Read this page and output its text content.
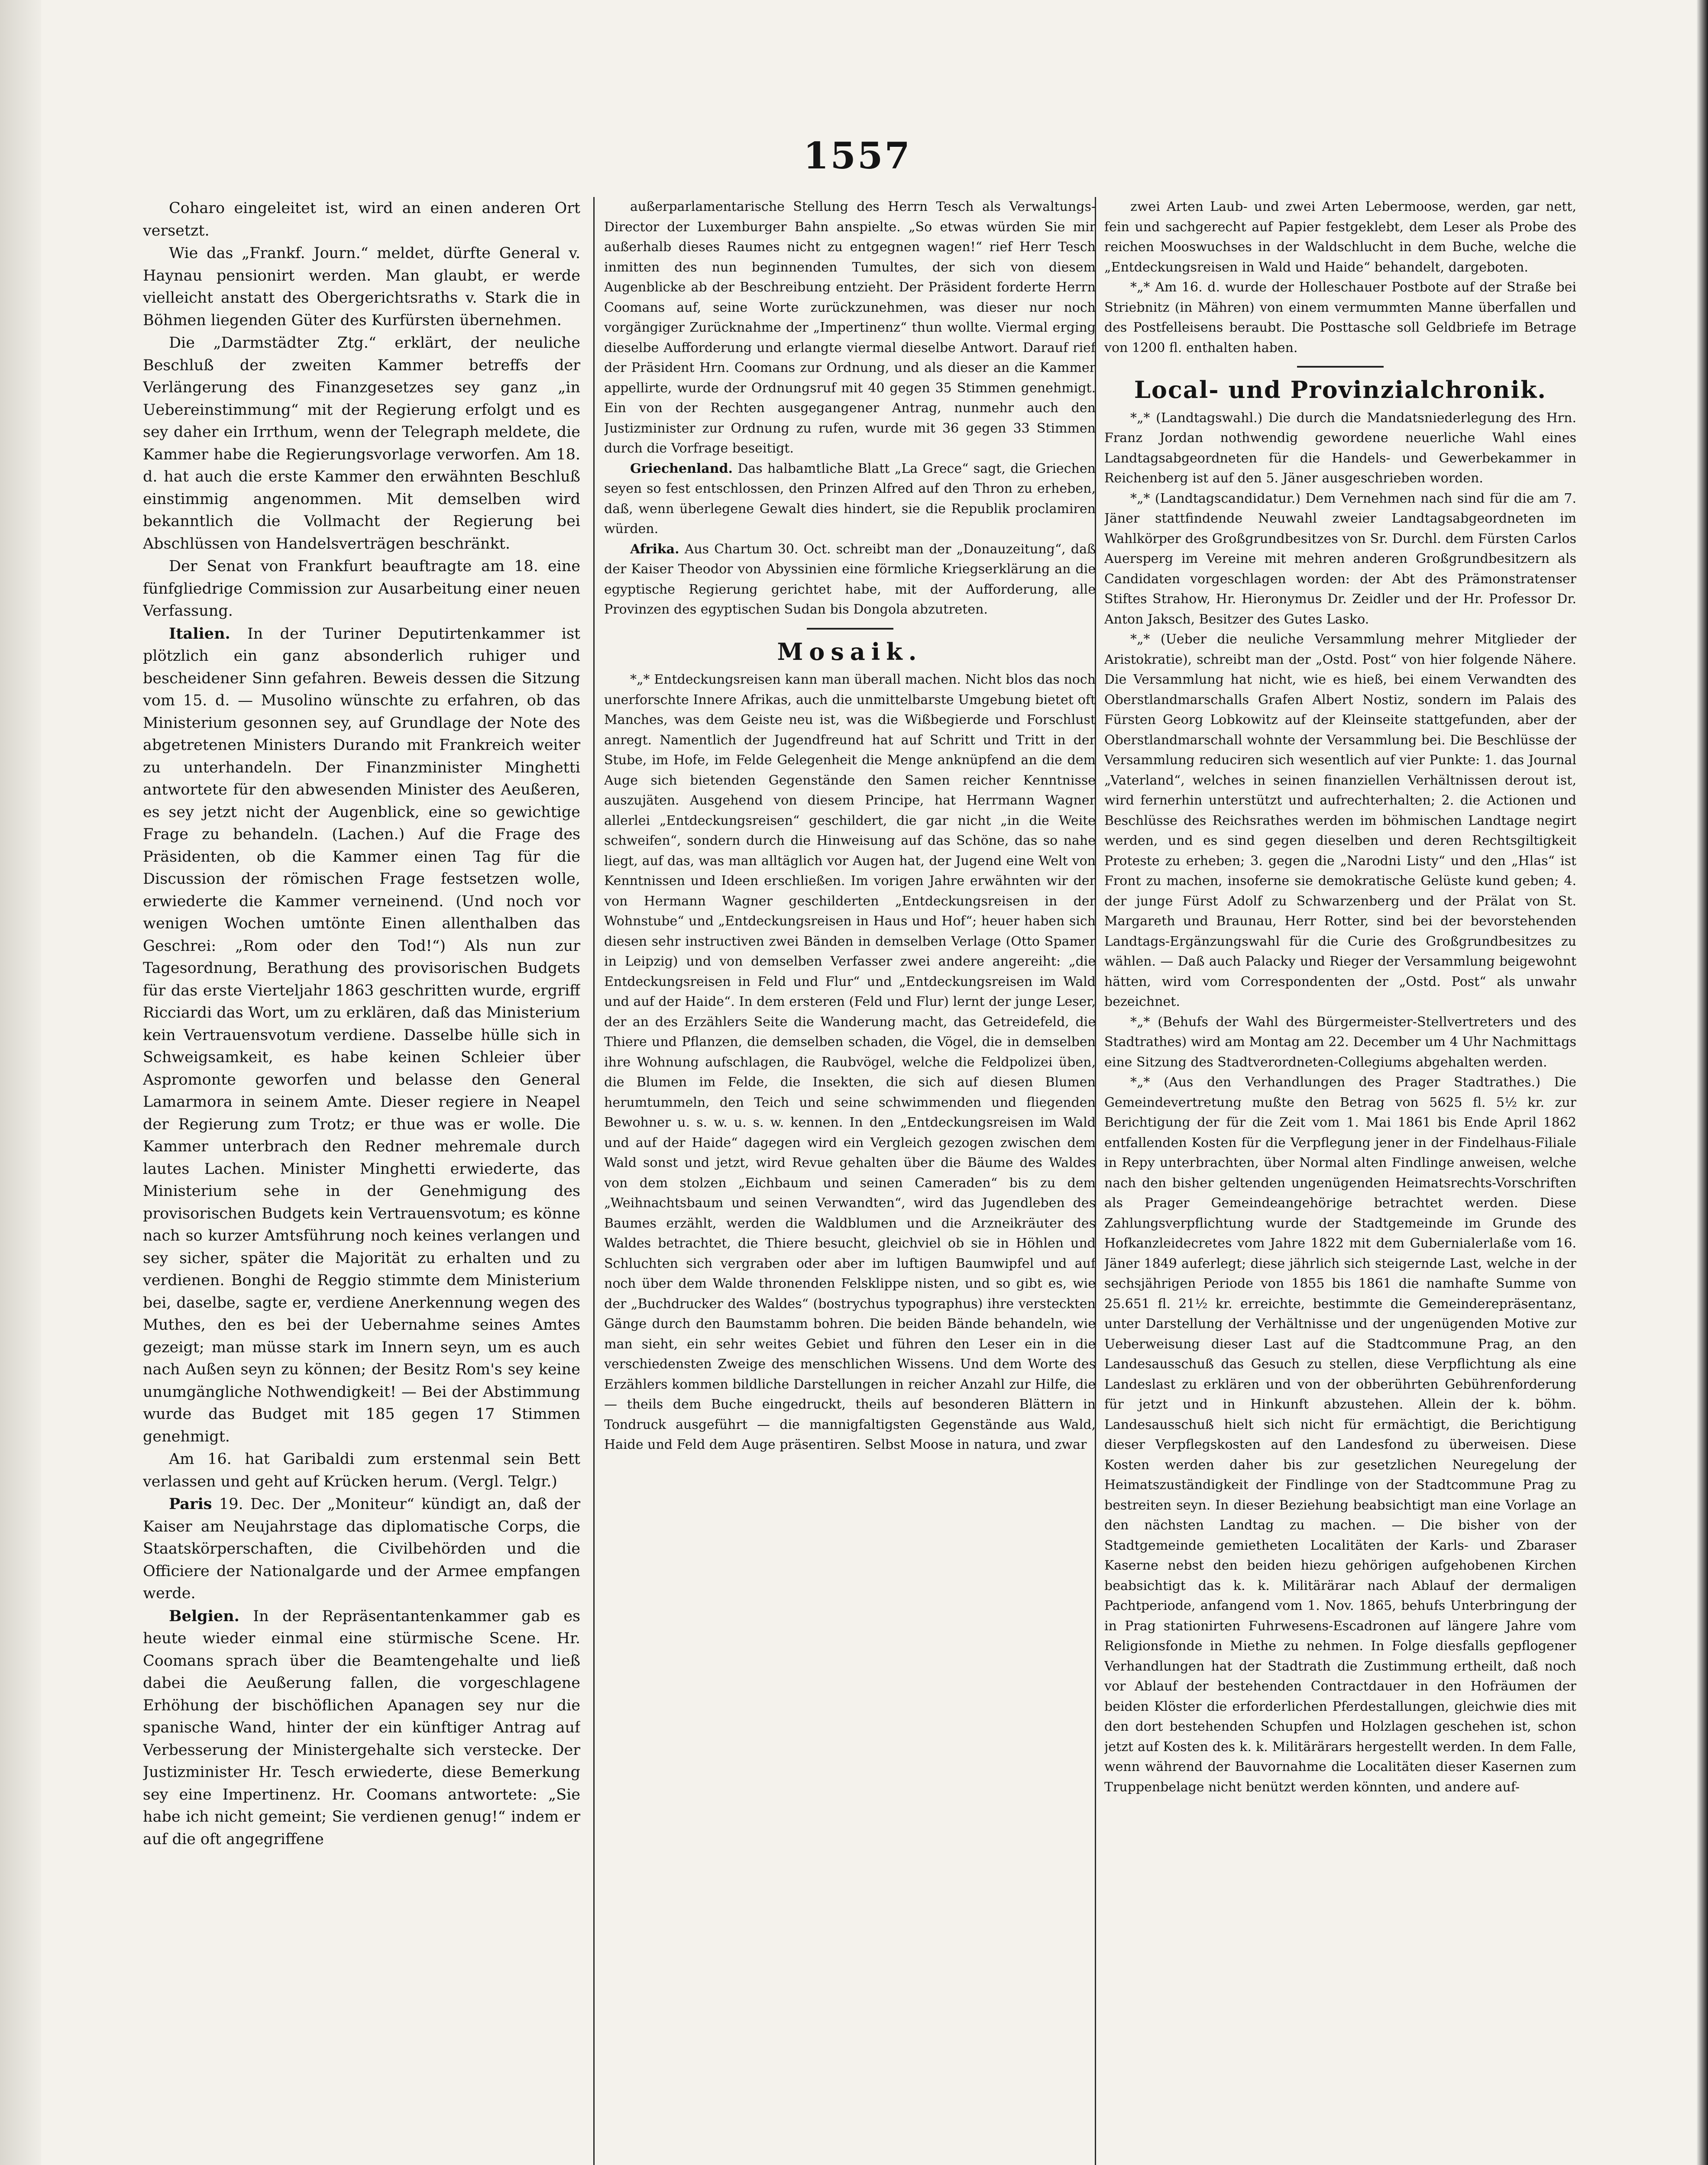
1557

Coharo eingeleitet ist, wird an einen anderen Ort versetzt.

Wie das „Frankf. Journ.“ meldet, dürfte General v. Haynau pensionirt werden. Man glaubt, er werde vielleicht anstatt des Obergerichtsraths v. Stark die in Böhmen liegenden Güter des Kurfürsten übernehmen.

Die „Darmstädter Ztg.“ erklärt, der neuliche Beschluß der zweiten Kammer betreffs der Verlängerung des Finanzgesetzes sey ganz „in Uebereinstimmung“ mit der Regierung erfolgt und es sey daher ein Irrthum, wenn der Telegraph meldete, die Kammer habe die Regierungsvorlage verworfen. Am 18. d. hat auch die erste Kammer den erwähnten Beschluß einstimmig angenommen. Mit demselben wird bekanntlich die Vollmacht der Regierung bei Abschlüssen von Handelsverträgen beschränkt.

Der Senat von Frankfurt beauftragte am 18. eine fünfgliedrige Commission zur Ausarbeitung einer neuen Verfassung.

Italien. In der Turiner Deputirtenkammer ist plötzlich ein ganz absonderlich ruhiger und bescheidener Sinn gefahren. Beweis dessen die Sitzung vom 15. d. — Musolino wünschte zu erfahren, ob das Ministerium gesonnen sey, auf Grundlage der Note des abgetretenen Ministers Durando mit Frankreich weiter zu unterhandeln. Der Finanzminister Minghetti antwortete für den abwesenden Minister des Aeußeren, es sey jetzt nicht der Augenblick, eine so gewichtige Frage zu behandeln. (Lachen.) Auf die Frage des Präsidenten, ob die Kammer einen Tag für die Discussion der römischen Frage festsetzen wolle, erwiederte die Kammer verneinend. (Und noch vor wenigen Wochen umtönte Einen allenthalben das Geschrei: „Rom oder den Tod!“) Als nun zur Tagesordnung, Berathung des provisorischen Budgets für das erste Vierteljahr 1863 geschritten wurde, ergriff Ricciardi das Wort, um zu erklären, daß das Ministerium kein Vertrauensvotum verdiene. Dasselbe hülle sich in Schweigsamkeit, es habe keinen Schleier über Aspromonte geworfen und belasse den General Lamarmora in seinem Amte. Dieser regiere in Neapel der Regierung zum Trotz; er thue was er wolle. Die Kammer unterbrach den Redner mehremale durch lautes Lachen. Minister Minghetti erwiederte, das Ministerium sehe in der Genehmigung des provisorischen Budgets kein Vertrauensvotum; es könne nach so kurzer Amtsführung noch keines verlangen und sey sicher, später die Majorität zu erhalten und zu verdienen. Bonghi de Reggio stimmte dem Ministerium bei, daselbe, sagte er, verdiene Anerkennung wegen des Muthes, den es bei der Uebernahme seines Amtes gezeigt; man müsse stark im Innern seyn, um es auch nach Außen seyn zu können; der Besitz Rom's sey keine unumgängliche Nothwendigkeit! — Bei der Abstimmung wurde das Budget mit 185 gegen 17 Stimmen genehmigt.

Am 16. hat Garibaldi zum erstenmal sein Bett verlassen und geht auf Krücken herum. (Vergl. Telgr.)

Paris 19. Dec. Der „Moniteur“ kündigt an, daß der Kaiser am Neujahrstage das diplomatische Corps, die Staatskörperschaften, die Civilbehörden und die Officiere der Nationalgarde und der Armee empfangen werde.

Belgien. In der Repräsentantenkammer gab es heute wieder einmal eine stürmische Scene. Hr. Coomans sprach über die Beamtengehalte und ließ dabei die Aeußerung fallen, die vorgeschlagene Erhöhung der bischöflichen Apanagen sey nur die spanische Wand, hinter der ein künftiger Antrag auf Verbesserung der Ministergehalte sich verstecke. Der Justizminister Hr. Tesch erwiederte, diese Bemerkung sey eine Impertinenz. Hr. Coomans antwortete: „Sie habe ich nicht gemeint; Sie verdienen genug!“ indem er auf die oft angegriffene

außerparlamentarische Stellung des Herrn Tesch als Verwaltungs-Director der Luxemburger Bahn anspielte. „So etwas würden Sie mir außerhalb dieses Raumes nicht zu entgegnen wagen!“ rief Herr Tesch inmitten des nun beginnenden Tumultes, der sich von diesem Augenblicke ab der Beschreibung entzieht. Der Präsident forderte Herrn Coomans auf, seine Worte zurückzunehmen, was dieser nur noch vorgängiger Zurücknahme der „Impertinenz“ thun wollte. Viermal erging dieselbe Aufforderung und erlangte viermal dieselbe Antwort. Darauf rief der Präsident Hrn. Coomans zur Ordnung, und als dieser an die Kammer appellirte, wurde der Ordnungsruf mit 40 gegen 35 Stimmen genehmigt. Ein von der Rechten ausgegangener Antrag, nunmehr auch den Justizminister zur Ordnung zu rufen, wurde mit 36 gegen 33 Stimmen durch die Vorfrage beseitigt.

Griechenland. Das halbamtliche Blatt „La Grece“ sagt, die Griechen seyen so fest entschlossen, den Prinzen Alfred auf den Thron zu erheben, daß, wenn überlegene Gewalt dies hindert, sie die Republik proclamiren würden.

Afrika. Aus Chartum 30. Oct. schreibt man der „Donauzeitung“, daß der Kaiser Theodor von Abyssinien eine förmliche Kriegserklärung an die egyptische Regierung gerichtet habe, mit der Aufforderung, alle Provinzen des egyptischen Sudan bis Dongola abzutreten.

Mosaik.

*„* Entdeckungsreisen kann man überall machen. Nicht blos das noch unerforschte Innere Afrikas, auch die unmittelbarste Umgebung bietet oft Manches, was dem Geiste neu ist, was die Wißbegierde und Forschlust anregt. Namentlich der Jugendfreund hat auf Schritt und Tritt in der Stube, im Hofe, im Felde Gelegenheit die Menge anknüpfend an die dem Auge sich bietenden Gegenstände den Samen reicher Kenntnisse auszujäten. Ausgehend von diesem Principe, hat Herrmann Wagner allerlei „Entdeckungsreisen“ geschildert, die gar nicht „in die Weite schweifen“, sondern durch die Hinweisung auf das Schöne, das so nahe liegt, auf das, was man alltäglich vor Augen hat, der Jugend eine Welt von Kenntnissen und Ideen erschließen. Im vorigen Jahre erwähnten wir der von Hermann Wagner geschilderten „Entdeckungsreisen in der Wohnstube“ und „Entdeckungsreisen in Haus und Hof“; heuer haben sich diesen sehr instructiven zwei Bänden in demselben Verlage (Otto Spamer in Leipzig) und von demselben Verfasser zwei andere angereiht: „die Entdeckungsreisen in Feld und Flur“ und „Entdeckungsreisen im Wald und auf der Haide“. In dem ersteren (Feld und Flur) lernt der junge Leser, der an des Erzählers Seite die Wanderung macht, das Getreidefeld, die Thiere und Pflanzen, die demselben schaden, die Vögel, die in demselben ihre Wohnung aufschlagen, die Raubvögel, welche die Feldpolizei üben, die Blumen im Felde, die Insekten, die sich auf diesen Blumen herumtummeln, den Teich und seine schwimmenden und fliegenden Bewohner u. s. w. u. s. w. kennen. In den „Entdeckungsreisen im Wald und auf der Haide“ dagegen wird ein Vergleich gezogen zwischen dem Wald sonst und jetzt, wird Revue gehalten über die Bäume des Waldes von dem stolzen „Eichbaum und seinen Cameraden“ bis zu dem „Weihnachtsbaum und seinen Verwandten“, wird das Jugendleben des Baumes erzählt, werden die Waldblumen und die Arzneikräuter des Waldes betrachtet, die Thiere besucht, gleichviel ob sie in Höhlen und Schluchten sich vergraben oder aber im luftigen Baumwipfel und auf noch über dem Walde thronenden Felsklippe nisten, und so gibt es, wie der „Buchdrucker des Waldes“ (bostrychus typographus) ihre versteckten Gänge durch den Baumstamm bohren. Die beiden Bände behandeln, wie man sieht, ein sehr weites Gebiet und führen den Leser ein in die verschiedensten Zweige des menschlichen Wissens. Und dem Worte des Erzählers kommen bildliche Darstellungen in reicher Anzahl zur Hilfe, die — theils dem Buche eingedruckt, theils auf besonderen Blättern in Tondruck ausgeführt — die mannigfaltigsten Gegenstände aus Wald, Haide und Feld dem Auge präsentiren. Selbst Moose in natura, und zwar

zwei Arten Laub- und zwei Arten Lebermoose, werden, gar nett, fein und sachgerecht auf Papier festgeklebt, dem Leser als Probe des reichen Mooswuchses in der Waldschlucht in dem Buche, welche die „Entdeckungsreisen in Wald und Haide“ behandelt, dargeboten.

*„* Am 16. d. wurde der Holleschauer Postbote auf der Straße bei Striebnitz (in Mähren) von einem vermummten Manne überfallen und des Postfelleisens beraubt. Die Posttasche soll Geldbriefe im Betrage von 1200 fl. enthalten haben.

Local- und Provinzialchronik.

*„* (Landtagswahl.) Die durch die Mandatsniederlegung des Hrn. Franz Jordan nothwendig gewordene neuerliche Wahl eines Landtagsabgeordneten für die Handels- und Gewerbekammer in Reichenberg ist auf den 5. Jäner ausgeschrieben worden.

*„* (Landtagscandidatur.) Dem Vernehmen nach sind für die am 7. Jäner stattfindende Neuwahl zweier Landtagsabgeordneten im Wahlkörper des Großgrundbesitzes von Sr. Durchl. dem Fürsten Carlos Auersperg im Vereine mit mehren anderen Großgrundbesitzern als Candidaten vorgeschlagen worden: der Abt des Prämonstratenser Stiftes Strahow, Hr. Hieronymus Dr. Zeidler und der Hr. Professor Dr. Anton Jaksch, Besitzer des Gutes Lasko.

*„* (Ueber die neuliche Versammlung mehrer Mitglieder der Aristokratie), schreibt man der „Ostd. Post“ von hier folgende Nähere. Die Versammlung hat nicht, wie es hieß, bei einem Verwandten des Oberstlandmarschalls Grafen Albert Nostiz, sondern im Palais des Fürsten Georg Lobkowitz auf der Kleinseite stattgefunden, aber der Oberstlandmarschall wohnte der Versammlung bei. Die Beschlüsse der Versammlung reduciren sich wesentlich auf vier Punkte: 1. das Journal „Vaterland“, welches in seinen finanziellen Verhältnissen derout ist, wird fernerhin unterstützt und aufrechterhalten; 2. die Actionen und Beschlüsse des Reichsrathes werden im böhmischen Landtage negirt werden, und es sind gegen dieselben und deren Rechtsgiltigkeit Proteste zu erheben; 3. gegen die „Narodni Listy“ und den „Hlas“ ist Front zu machen, insoferne sie demokratische Gelüste kund geben; 4. der junge Fürst Adolf zu Schwarzenberg und der Prälat von St. Margareth und Braunau, Herr Rotter, sind bei der bevorstehenden Landtags-Ergänzungswahl für die Curie des Großgrundbesitzes zu wählen. — Daß auch Palacky und Rieger der Versammlung beigewohnt hätten, wird vom Correspondenten der „Ostd. Post“ als unwahr bezeichnet.

*„* (Behufs der Wahl des Bürgermeister-Stellvertreters und des Stadtrathes) wird am Montag am 22. December um 4 Uhr Nachmittags eine Sitzung des Stadtverordneten-Collegiums abgehalten werden.

*„* (Aus den Verhandlungen des Prager Stadtrathes.) Die Gemeindevertretung mußte den Betrag von 5625 fl. 5½ kr. zur Berichtigung der für die Zeit vom 1. Mai 1861 bis Ende April 1862 entfallenden Kosten für die Verpflegung jener in der Findelhaus-Filiale in Repy unterbrachten, über Normal alten Findlinge anweisen, welche nach den bisher geltenden ungenügenden Heimatsrechts-Vorschriften als Prager Gemeindeangehörige betrachtet werden. Diese Zahlungsverpflichtung wurde der Stadtgemeinde im Grunde des Hofkanzleidecretes vom Jahre 1822 mit dem Gubernialerlaße vom 16. Jäner 1849 auferlegt; diese jährlich sich steigernde Last, welche in der sechsjährigen Periode von 1855 bis 1861 die namhafte Summe von 25.651 fl. 21½ kr. erreichte, bestimmte die Gemeinderepräsentanz, unter Darstellung der Verhältnisse und der ungenügenden Motive zur Ueberweisung dieser Last auf die Stadtcommune Prag, an den Landesausschuß das Gesuch zu stellen, diese Verpflichtung als eine Landeslast zu erklären und von der obberührten Gebührenforderung für jetzt und in Hinkunft abzustehen. Allein der k. böhm. Landesausschuß hielt sich nicht für ermächtigt, die Berichtigung dieser Verpflegskosten auf den Landesfond zu überweisen. Diese Kosten werden daher bis zur gesetzlichen Neuregelung der Heimatszuständigkeit der Findlinge von der Stadtcommune Prag zu bestreiten seyn. In dieser Beziehung beabsichtigt man eine Vorlage an den nächsten Landtag zu machen. — Die bisher von der Stadtgemeinde gemietheten Localitäten der Karls- und Zbaraser Kaserne nebst den beiden hiezu gehörigen aufgehobenen Kirchen beabsichtigt das k. k. Militärärar nach Ablauf der dermaligen Pachtperiode, anfangend vom 1. Nov. 1865, behufs Unterbringung der in Prag stationirten Fuhrwesens-Escadronen auf längere Jahre vom Religionsfonde in Miethe zu nehmen. In Folge diesfalls gepflogener Verhandlungen hat der Stadtrath die Zustimmung ertheilt, daß noch vor Ablauf der bestehenden Contractdauer in den Hofräumen der beiden Klöster die erforderlichen Pferdestallungen, gleichwie dies mit den dort bestehenden Schupfen und Holzlagen geschehen ist, schon jetzt auf Kosten des k. k. Militärärars hergestellt werden. In dem Falle, wenn während der Bauvornahme die Localitäten dieser Kasernen zum Truppenbelage nicht benützt werden könnten, und andere auf-
